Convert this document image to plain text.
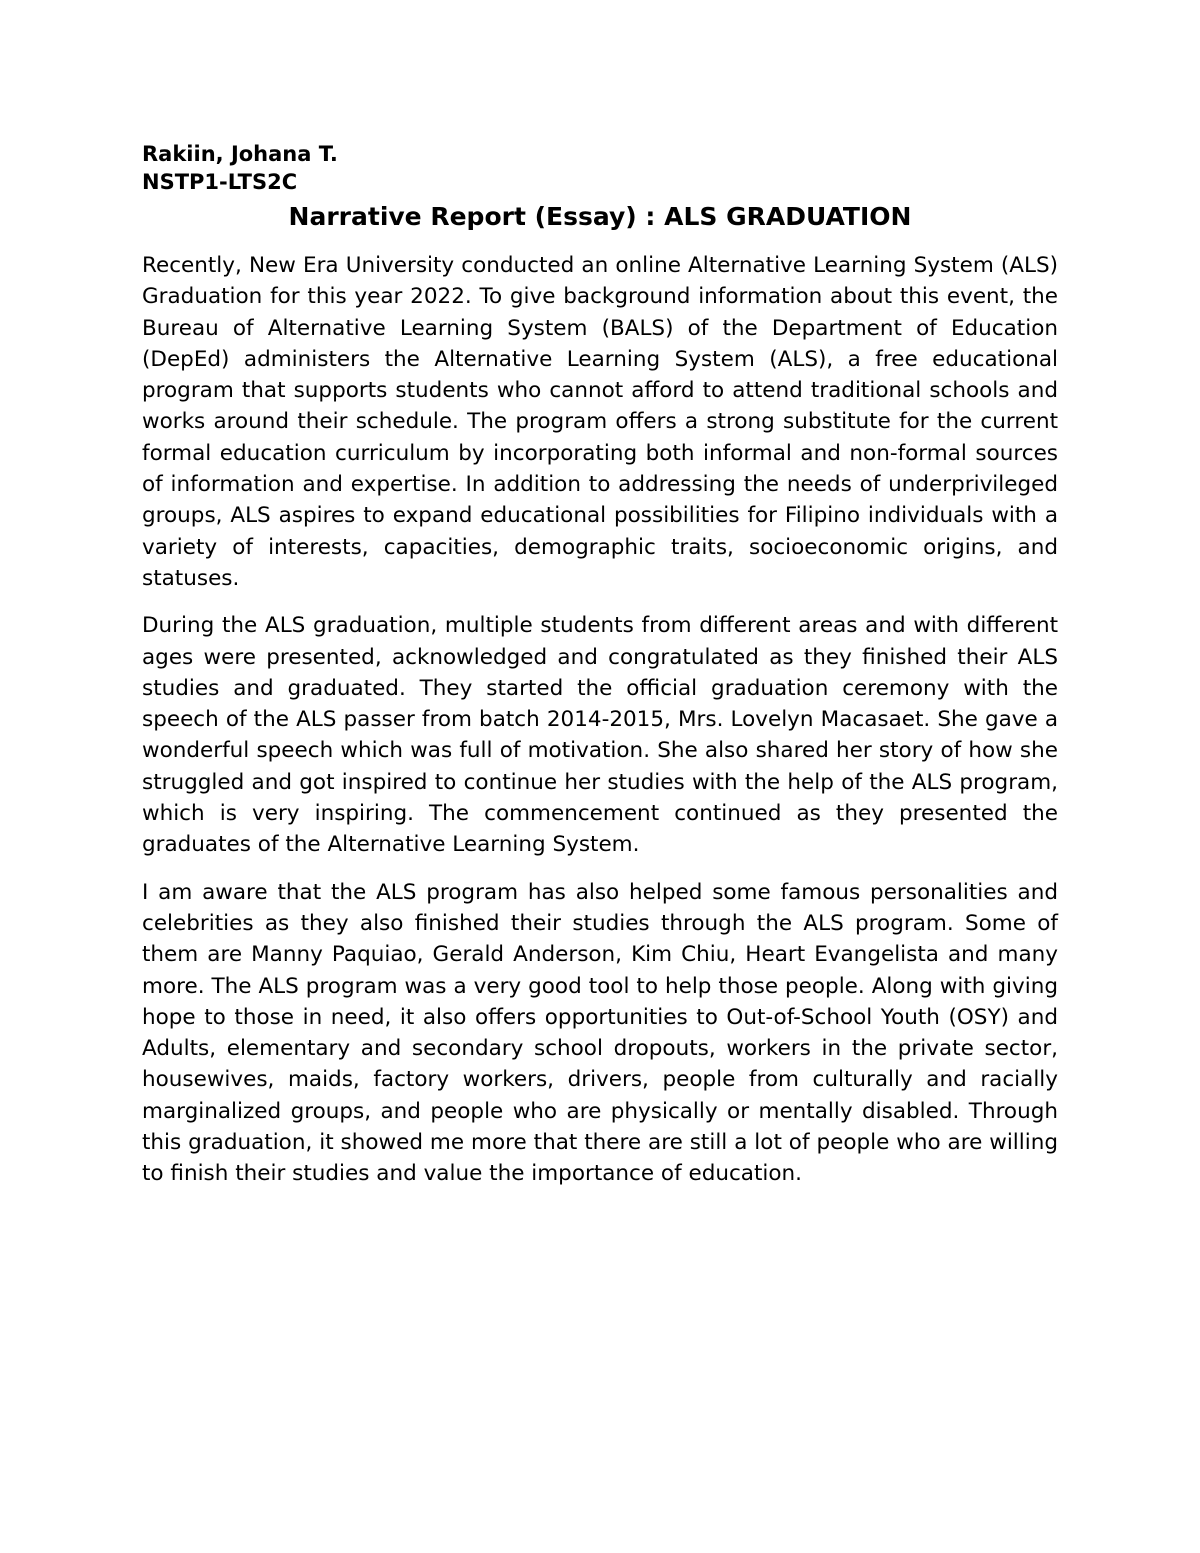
Rakiin, Johana T.

NSTP1-LTS2C

Narrative Report (Essay) : ALS GRADUATION

Recently, New Era University conducted an online Alternative Learning System (ALS) Graduation for this year 2022. To give background information about this event, the Bureau of Alternative Learning System (BALS) of the Department of Education (DepEd) administers the Alternative Learning System (ALS), a free educational program that supports students who cannot afford to attend traditional schools and works around their schedule. The program offers a strong substitute for the current formal education curriculum by incorporating both informal and non-formal sources of information and expertise. In addition to addressing the needs of underprivileged groups, ALS aspires to expand educational possibilities for Filipino individuals with a variety of interests, capacities, demographic traits, socioeconomic origins, and statuses.

During the ALS graduation, multiple students from different areas and with different ages were presented, acknowledged and congratulated as they finished their ALS studies and graduated. They started the official graduation ceremony with the speech of the ALS passer from batch 2014-2015, Mrs. Lovelyn Macasaet. She gave a wonderful speech which was full of motivation. She also shared her story of how she struggled and got inspired to continue her studies with the help of the ALS program, which is very inspiring. The commencement continued as they presented the graduates of the Alternative Learning System.

I am aware that the ALS program has also helped some famous personalities and celebrities as they also finished their studies through the ALS program. Some of them are Manny Paquiao, Gerald Anderson, Kim Chiu, Heart Evangelista and many more. The ALS program was a very good tool to help those people. Along with giving hope to those in need, it also offers opportunities to Out-of-School Youth (OSY) and Adults, elementary and secondary school dropouts, workers in the private sector, housewives, maids, factory workers, drivers, people from culturally and racially marginalized groups, and people who are physically or mentally disabled. Through this graduation, it showed me more that there are still a lot of people who are willing to finish their studies and value the importance of education.
